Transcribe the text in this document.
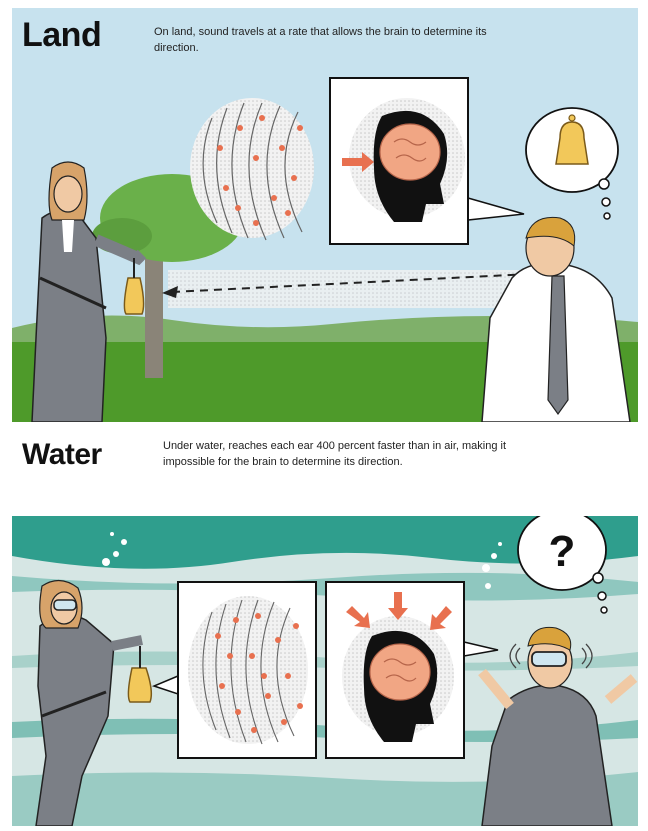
Land	On land, sound travels at a rate that allows the brain to determine its direction.
Water	Under water, reaches each ear 400 percent faster than in air, making it impossible for the brain to determine its direction.
?
